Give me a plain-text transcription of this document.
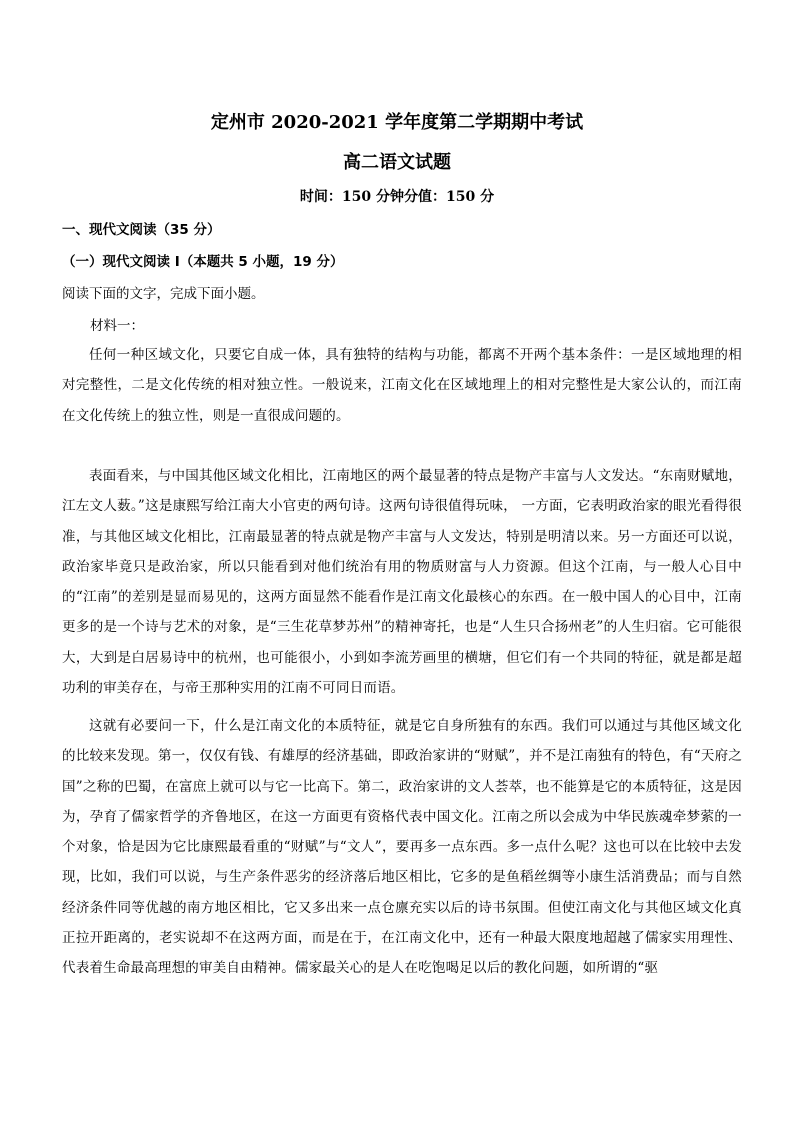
定州市 2020-2021 学年度第二学期期中考试
高二语文试题
时间：150 分钟分值：150 分
一、现代文阅读（35 分）
（一）现代文阅读 I（本题共 5 小题，19 分）
阅读下面的文字，完成下面小题。
材料一：

任何一种区域文化，只要它自成一体，具有独特的结构与功能，都离不开两个基本条件：一是区域地理的相对完整性，二是文化传统的相对独立性。一般说来，江南文化在区域地理上的相对完整性是大家公认的，而江南在文化传统上的独立性，则是一直很成问题的。

表面看来，与中国其他区域文化相比，江南地区的两个最显著的特点是物产丰富与人文发达。“东南财赋地，江左文人薮。”这是康熙写给江南大小官吏的两句诗。这两句诗很值得玩味， 一方面，它表明政治家的眼光看得很准，与其他区域文化相比，江南最显著的特点就是物产丰富与人文发达，特别是明清以来。另一方面还可以说，政治家毕竟只是政治家，所以只能看到对他们统治有用的物质财富与人力资源。但这个江南，与一般人心目中的“江南”的差别是显而易见的，这两方面显然不能看作是江南文化最核心的东西。在一般中国人的心目中，江南更多的是一个诗与艺术的对象，是“三生花草梦苏州”的精神寄托，也是“人生只合扬州老”的人生归宿。它可能很大，大到是白居易诗中的杭州，也可能很小，小到如李流芳画里的横塘，但它们有一个共同的特征，就是都是超功利的审美存在，与帝王那种实用的江南不可同日而语。

这就有必要问一下，什么是江南文化的本质特征，就是它自身所独有的东西。我们可以通过与其他区域文化的比较来发现。第一，仅仅有钱、有雄厚的经济基础，即政治家讲的“财赋”，并不是江南独有的特色，有“天府之国”之称的巴蜀，在富庶上就可以与它一比高下。第二，政治家讲的文人荟萃，也不能算是它的本质特征，这是因为，孕育了儒家哲学的齐鲁地区，在这一方面更有资格代表中国文化。江南之所以会成为中华民族魂牵梦萦的一个对象，恰是因为它比康熙最看重的“财赋”与“文人”，要再多一点东西。多一点什么呢？这也可以在比较中去发现，比如，我们可以说，与生产条件恶劣的经济落后地区相比，它多的是鱼稻丝绸等小康生活消费品；而与自然经济条件同等优越的南方地区相比，它又多出来一点仓廪充实以后的诗书氛围。但使江南文化与其他区域文化真正拉开距离的，老实说却不在这两方面，而是在于，在江南文化中，还有一种最大限度地超越了儒家实用理性、代表着生命最高理想的审美自由精神。儒家最关心的是人在吃饱喝足以后的教化问题，如所谓的“驱
